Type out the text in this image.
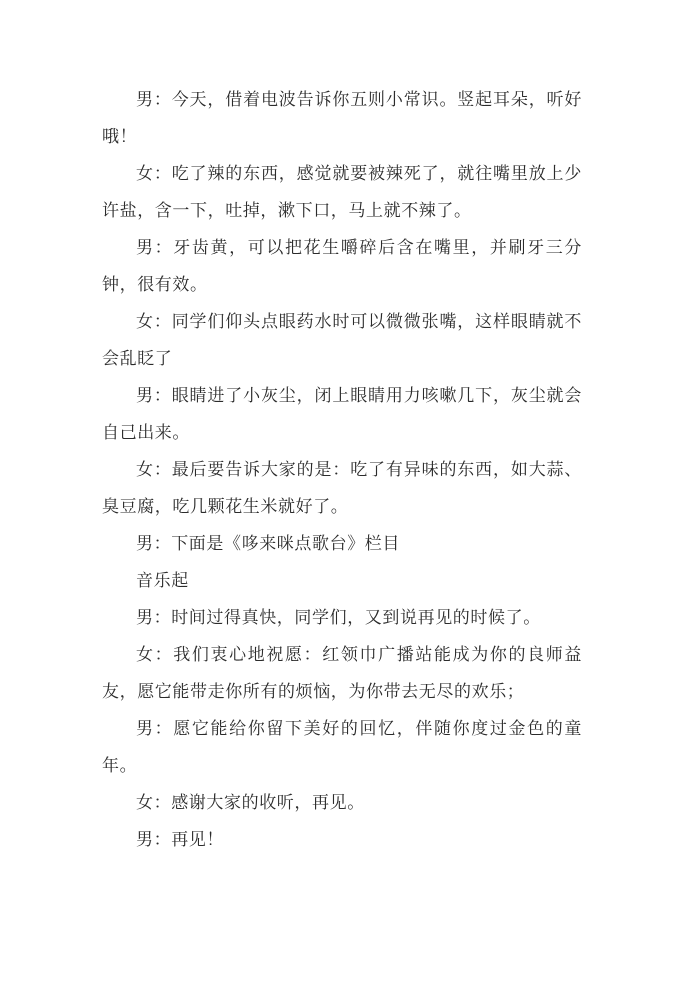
男：今天，借着电波告诉你五则小常识。竖起耳朵，听好哦！

女：吃了辣的东西，感觉就要被辣死了，就往嘴里放上少许盐，含一下，吐掉，漱下口，马上就不辣了。

男：牙齿黄，可以把花生嚼碎后含在嘴里，并刷牙三分钟，很有效。

女：同学们仰头点眼药水时可以微微张嘴，这样眼睛就不会乱眨了

男：眼睛进了小灰尘，闭上眼睛用力咳嗽几下，灰尘就会自己出来。

女：最后要告诉大家的是：吃了有异味的东西，如大蒜、臭豆腐，吃几颗花生米就好了。

男：下面是《哆来咪点歌台》栏目

音乐起

男：时间过得真快，同学们，又到说再见的时候了。

女：我们衷心地祝愿：红领巾广播站能成为你的良师益友，愿它能带走你所有的烦恼，为你带去无尽的欢乐；

男：愿它能给你留下美好的回忆，伴随你度过金色的童年。

女：感谢大家的收听，再见。

男：再见！
